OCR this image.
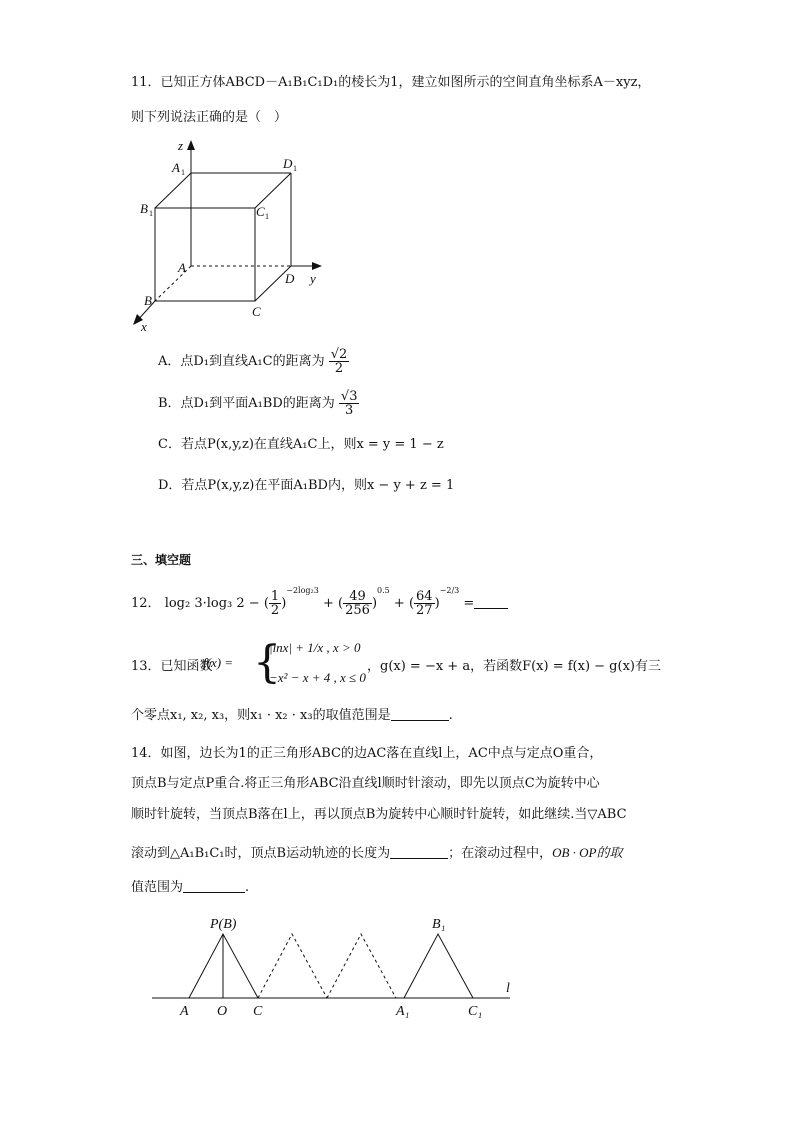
11．已知正方体ABCD－A₁B₁C₁D₁的棱长为1，建立如图所示的空间直角坐标系A－xyz，
则下列说法正确的是（　）
z
A 1
D 1
B 1	C 1
A
D y
B
C
x
A．点D₁到直线A₁C的距离为 $\frac{√2}{2}$
B．点D₁到平面A₁BD的距离为 $\frac{√3}{3}$
C．若点P(x,y,z)在直线A₁C上，则x = y = 1 − z
D．若点P(x,y,z)在平面A₁BD内，则x − y + z = 1
三、填空题
12． log₂ 3·log₃ 2 − ( $\frac{1}{2} )^{-2log_23}$ + ( $\frac{49}{256} )^{0.5}$ + ( $\frac{64}{27} )^{-2/3}$ =
13．已知函数
f(x) = {
|lnx| + 1/x , x > 0
−x² − x + 4 , x ≤ 0
，g(x) = −x + a，若函数F(x) = f(x) − g(x)有三
个零点x₁, x₂, x₃，则x₁ · x₂ · x₃的取值范围是	.
14．如图，边长为1的正三角形ABC的边AC落在直线l上，AC中点与定点O重合，
顶点B与定点P重合.将正三角形ABC沿直线l顺时针滚动，即先以顶点C为旋转中心
顺时针旋转，当顶点B落在l上，再以顶点B为旋转中心顺时针旋转，如此继续.当▽ABC
滚动到△A₁B₁C₁时，顶点B运动轨迹的长度为	；在滚动过程中，OB · OP的取
值范围为	.
P(B)	B₁
A O C	A₁	C₁
l
